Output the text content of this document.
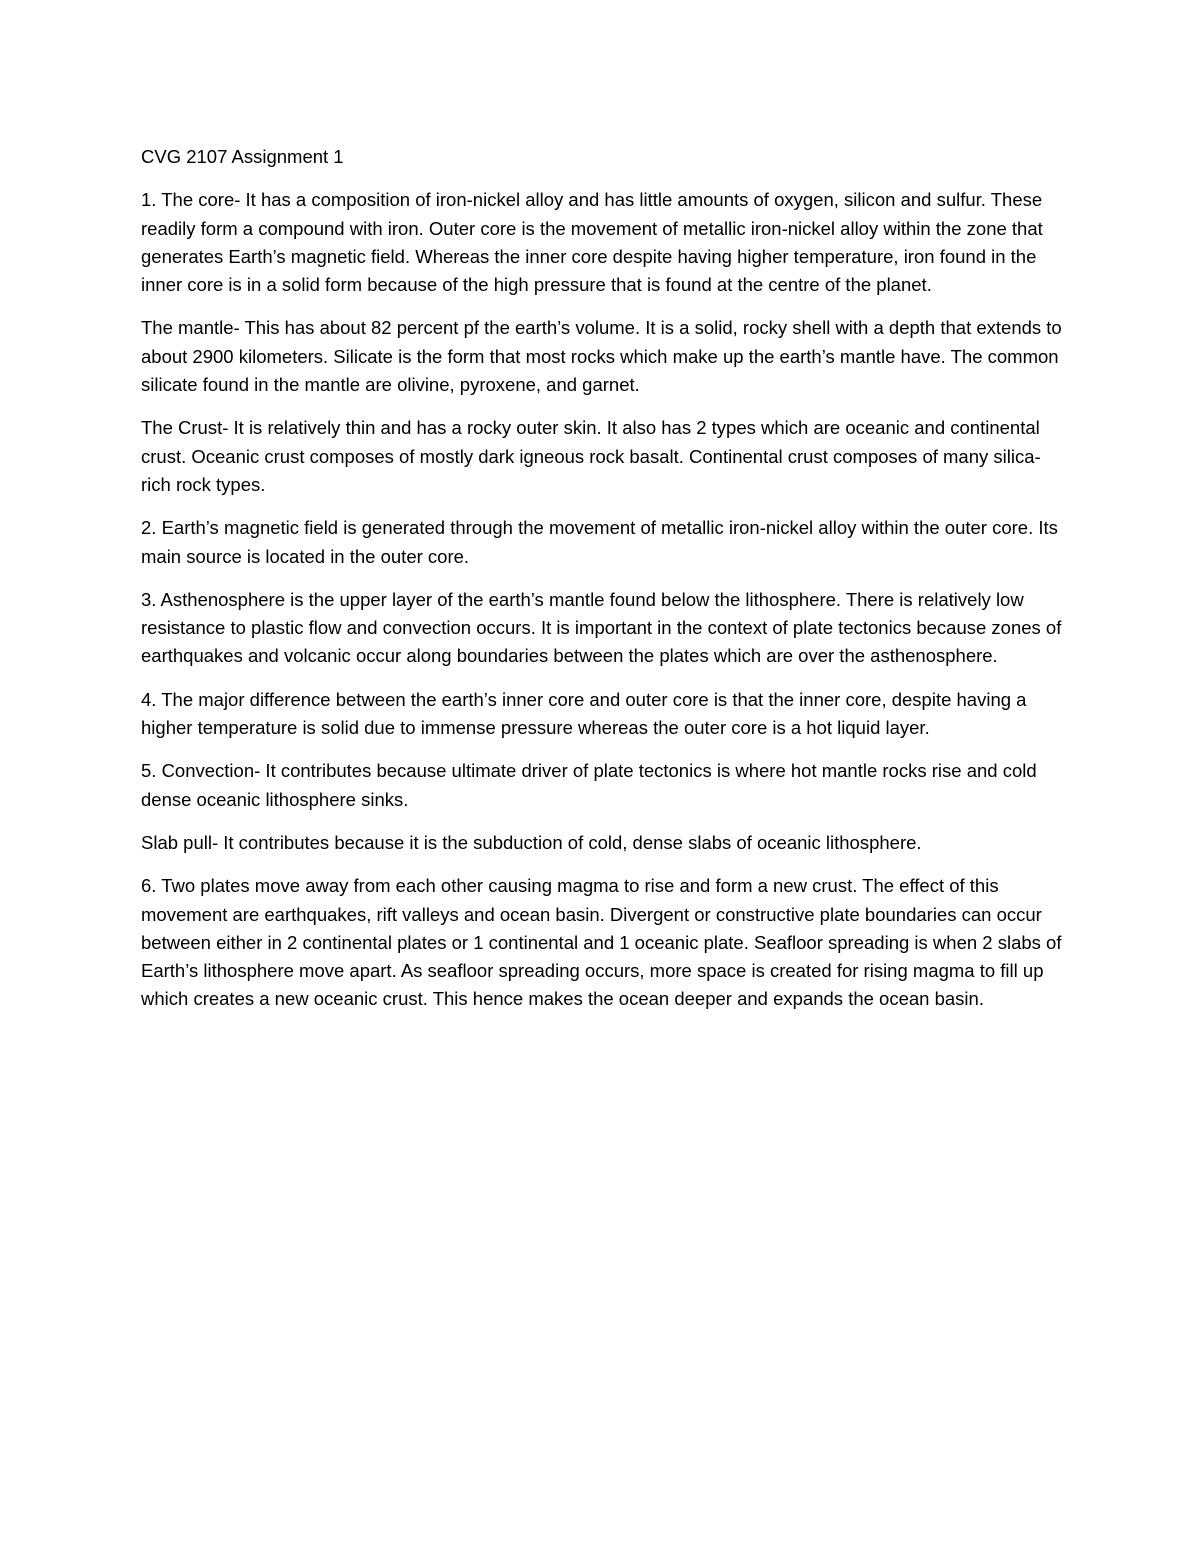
CVG 2107 Assignment 1

1. The core- It has a composition of iron-nickel alloy and has little amounts of oxygen, silicon and sulfur. These readily form a compound with iron. Outer core is the movement of metallic iron-nickel alloy within the zone that generates Earth’s magnetic field. Whereas the inner core despite having higher temperature, iron found in the inner core is in a solid form because of the high pressure that is found at the centre of the planet.

The mantle- This has about 82 percent pf the earth’s volume. It is a solid, rocky shell with a depth that extends to about 2900 kilometers. Silicate is the form that most rocks which make up the earth’s mantle have. The common silicate found in the mantle are olivine, pyroxene, and garnet.

The Crust- It is relatively thin and has a rocky outer skin. It also has 2 types which are oceanic and continental crust. Oceanic crust composes of mostly dark igneous rock basalt. Continental crust composes of many silica-rich rock types.

2. Earth’s magnetic field is generated through the movement of metallic iron-nickel alloy within the outer core. Its main source is located in the outer core.

3. Asthenosphere is the upper layer of the earth’s mantle found below the lithosphere. There is relatively low resistance to plastic flow and convection occurs. It is important in the context of plate tectonics because zones of earthquakes and volcanic occur along boundaries between the plates which are over the asthenosphere.

4. The major difference between the earth’s inner core and outer core is that the inner core, despite having a higher temperature is solid due to immense pressure whereas the outer core is a hot liquid layer.

5. Convection- It contributes because ultimate driver of plate tectonics is where hot mantle rocks rise and cold dense oceanic lithosphere sinks.

Slab pull- It contributes because it is the subduction of cold, dense slabs of oceanic lithosphere.

6. Two plates move away from each other causing magma to rise and form a new crust. The effect of this movement are earthquakes, rift valleys and ocean basin. Divergent or constructive plate boundaries can occur between either in 2 continental plates or 1 continental and 1 oceanic plate. Seafloor spreading is when 2 slabs of Earth’s lithosphere move apart. As seafloor spreading occurs, more space is created for rising magma to fill up which creates a new oceanic crust. This hence makes the ocean deeper and expands the ocean basin.
